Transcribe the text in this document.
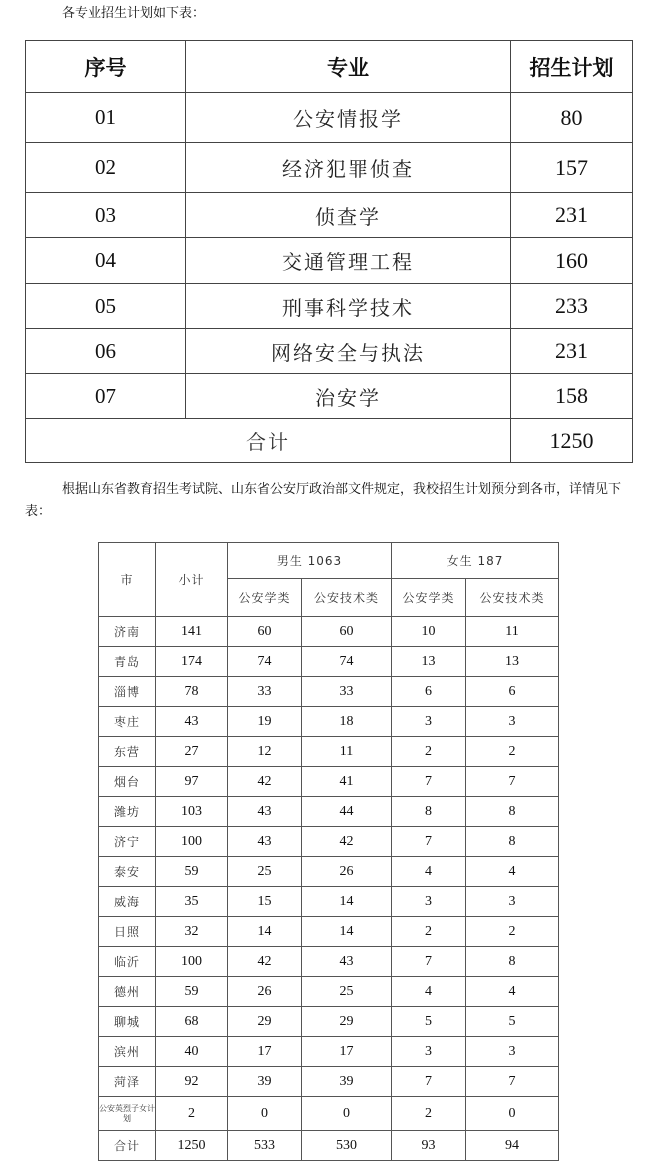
各专业招生计划如下表：
序号	专业	招生计划
01	公安情报学	80
02	经济犯罪侦查	157
03	侦查学	231
04	交通管理工程	160
05	刑事科学技术	233
06	网络安全与执法	231
07	治安学	158
合计		1250
根据山东省教育招生考试院、山东省公安厅政治部文件规定，我校招生计划预分到各市，详情见下表：
市	小计	男生 1063		女生 187	
		公安学类	公安技术类	公安学类	公安技术类
济南	141	60	60	10	11
青岛	174	74	74	13	13
淄博	78	33	33	6	6
枣庄	43	19	18	3	3
东营	27	12	11	2	2
烟台	97	42	41	7	7
潍坊	103	43	44	8	8
济宁	100	43	42	7	8
泰安	59	25	26	4	4
威海	35	15	14	3	3
日照	32	14	14	2	2
临沂	100	42	43	7	8
德州	59	26	25	4	4
聊城	68	29	29	5	5
滨州	40	17	17	3	3
菏泽	92	39	39	7	7
公安英烈子女计划	2	0	0	2	0
合计	1250	533	530	93	94
